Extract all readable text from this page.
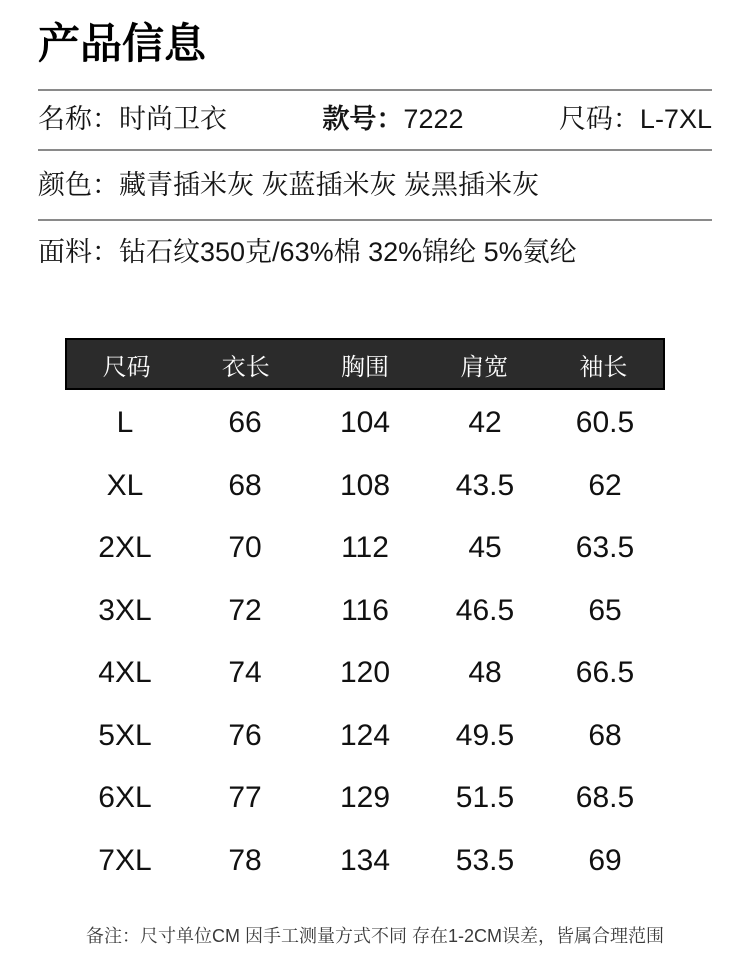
产品信息
名称：时尚卫衣	款号：7222	尺码：L-7XL
颜色：藏青插米灰 灰蓝插米灰 炭黑插米灰
面料：钻石纹350克/63%棉 32%锦纶 5%氨纶
尺码	衣长	胸围	肩宽	袖长
L	66	104	42	60.5
XL	68	108	43.5	62
2XL	70	112	45	63.5
3XL	72	116	46.5	65
4XL	74	120	48	66.5
5XL	76	124	49.5	68
6XL	77	129	51.5	68.5
7XL	78	134	53.5	69
备注：尺寸单位CM 因手工测量方式不同 存在1-2CM误差，皆属合理范围
